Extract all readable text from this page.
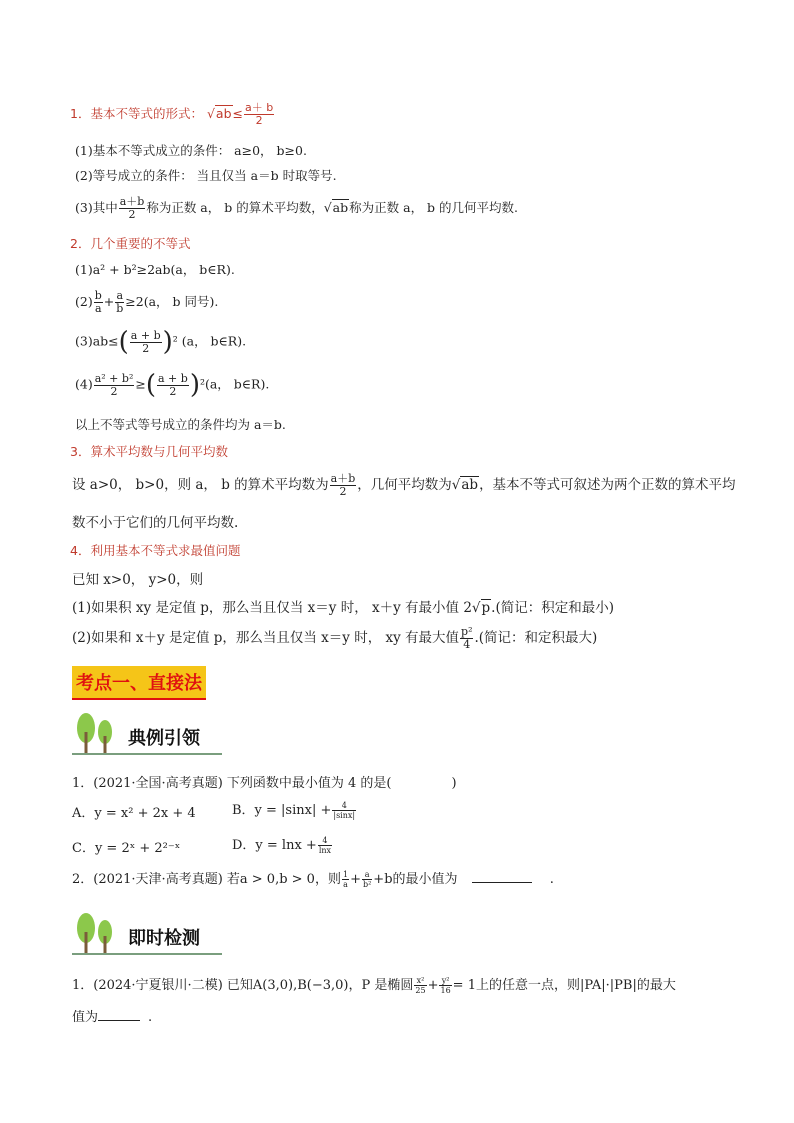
1．基本不等式的形式： $√ab\le \frac{a+ b}{2}$
(1)基本不等式成立的条件： a≥0， b≥0.
(2)等号成立的条件： 当且仅当 a＝b 时取等号.
(3)其中 $\frac{a+b}{2}$ 称为正数 a， b 的算术平均数，√ab称为正数 a， b 的几何平均数.
2．几个重要的不等式
(1)a² + b²≥2ab(a， b∈R).
$(2) \frac{b}{a} + \frac{a}{b} \ge 2(a$， b 同号).
$(3)ab\le( \frac{a + b}{2} )^2$ (a， b∈R).
$(4) \frac{\text{a² + b²}}{2}$ ≥( $\frac{a + b}{2} )^2(a$， b∈R).
以上不等式等号成立的条件均为 a＝b.
3．算术平均数与几何平均数
设 a>0， b>0，则 a， b 的算术平均数为 $\frac{a+b}{2}$ ，几何平均数为√ab，基本不等式可叙述为两个正数的算术平均
数不小于它们的几何平均数.
4．利用基本不等式求最值问题
已知 x>0， y>0，则
(1)如果积 xy 是定值 p，那么当且仅当 x＝y 时， x＋y 有最小值 2√p.(简记：积定和最小)
(2)如果和 x＋y 是定值 p，那么当且仅当 x＝y 时， xy 有最大值 $\frac{\text{p²}}{4}$ .(简记：和定积最大)
考点一、直接法
典例引领
1．(2021·全国·高考真题) 下列函数中最小值为 4 的是(	)
A．y = x² + 2x + 4	B．$y = |\sin x| + \frac{4}{|\sin x|}$
C．y = 2ˣ + 2²⁻ˣ	D．$y = \ln x + \frac{4}{\ln x}$
2．(2021·天津·高考真题) 若a > 0,b > 0，则 $\frac{1}{a} + \frac{a}{\text{b²}} +b$的最小值为	.
即时检测
1．(2024·宁夏银川·二模) 已知A(3,0),B(−3,0)，P 是椭圆 $\frac{\text{x²}}{25} + \frac{\text{y²}}{16} = 1$上的任意一点，则|PA|·|PB|的最大
值为	.
